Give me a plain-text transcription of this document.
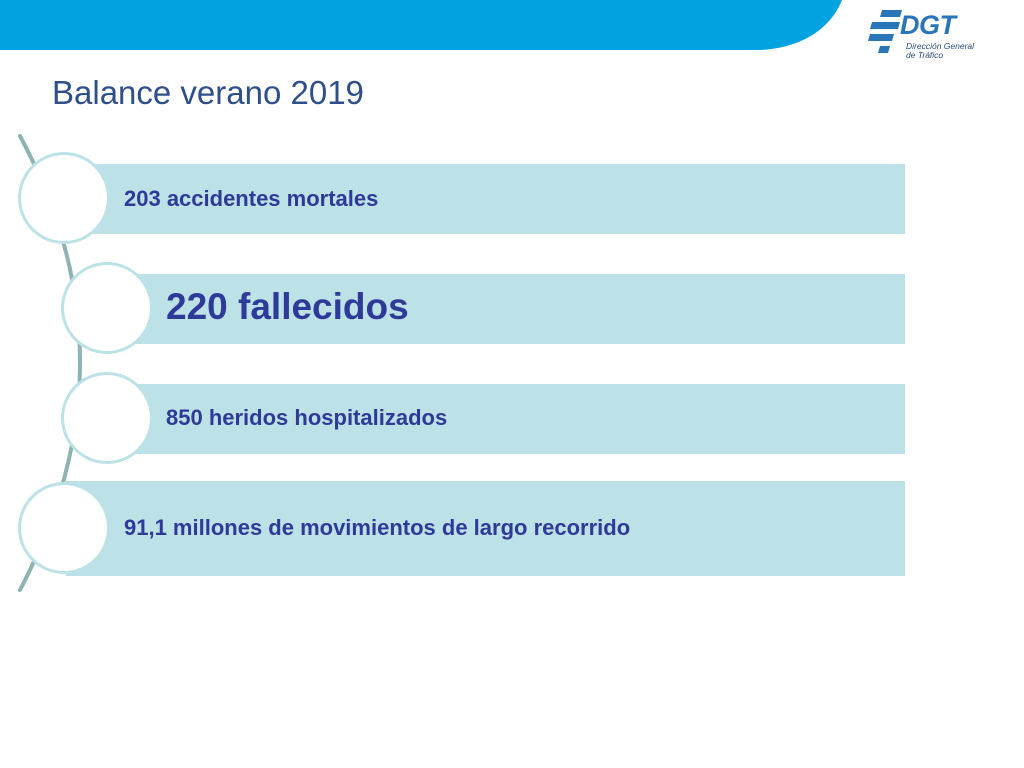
DGT
Dirección General
de Tráfico
Balance verano 2019
203 accidentes mortales
220 fallecidos
850 heridos hospitalizados
91,1 millones de movimientos de largo recorrido
